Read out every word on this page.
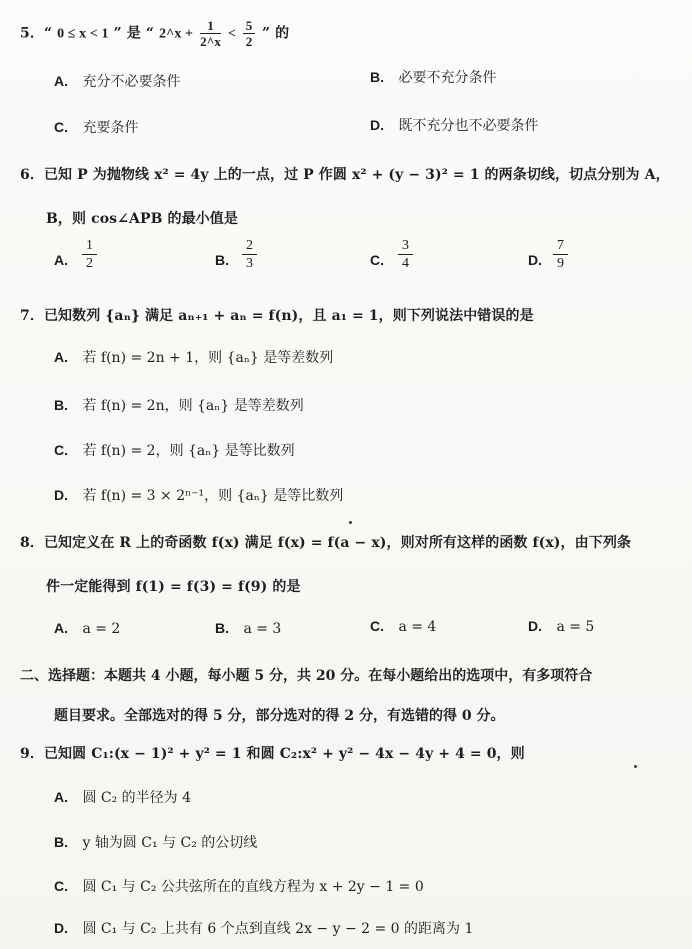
5．“ 0 ≤ x < 1 ” 是 “ 2^x + $\frac{1}{2\^{}x} < \frac{5}{2}$ ” 的
A. 充分不必要条件	B. 必要不充分条件
C. 充要条件	D. 既不充分也不必要条件
6．已知 P 为抛物线 x² = 4y 上的一点，过 P 作圆 x² + (y − 3)² = 1 的两条切线，切点分别为 A，
B，则 cos∠APB 的最小值是
A.	$\frac{1}{2}$	B. $\frac{2}{3}$	C.	$\frac{3}{4}$	D. $\frac{7}{9}$
7．已知数列 {aₙ} 满足 aₙ₊₁ + aₙ = f(n)，且 a₁ = 1，则下列说法中错误的是
A. 若 f(n) = 2n + 1，则 {aₙ} 是等差数列
B. 若 f(n) = 2n，则 {aₙ} 是等差数列
C. 若 f(n) = 2，则 {aₙ} 是等比数列
D. 若 f(n) = 3 × 2ⁿ⁻¹，则 {aₙ} 是等比数列
8．已知定义在 R 上的奇函数 f(x) 满足 f(x) = f(a − x)，则对所有这样的函数 f(x)，由下列条
件一定能得到 f(1) = f(3) = f(9) 的是
A. a = 2	B. a = 3	C. a = 4	D. a = 5
二、选择题：本题共 4 小题，每小题 5 分，共 20 分。在每小题给出的选项中，有多项符合
题目要求。全部选对的得 5 分，部分选对的得 2 分，有选错的得 0 分。
9．已知圆 C₁:(x − 1)² + y² = 1 和圆 C₂:x² + y² − 4x − 4y + 4 = 0，则
A. 圆 C₂ 的半径为 4
B. y 轴为圆 C₁ 与 C₂ 的公切线
C. 圆 C₁ 与 C₂ 公共弦所在的直线方程为 x + 2y − 1 = 0
D. 圆 C₁ 与 C₂ 上共有 6 个点到直线 2x − y − 2 = 0 的距离为 1
